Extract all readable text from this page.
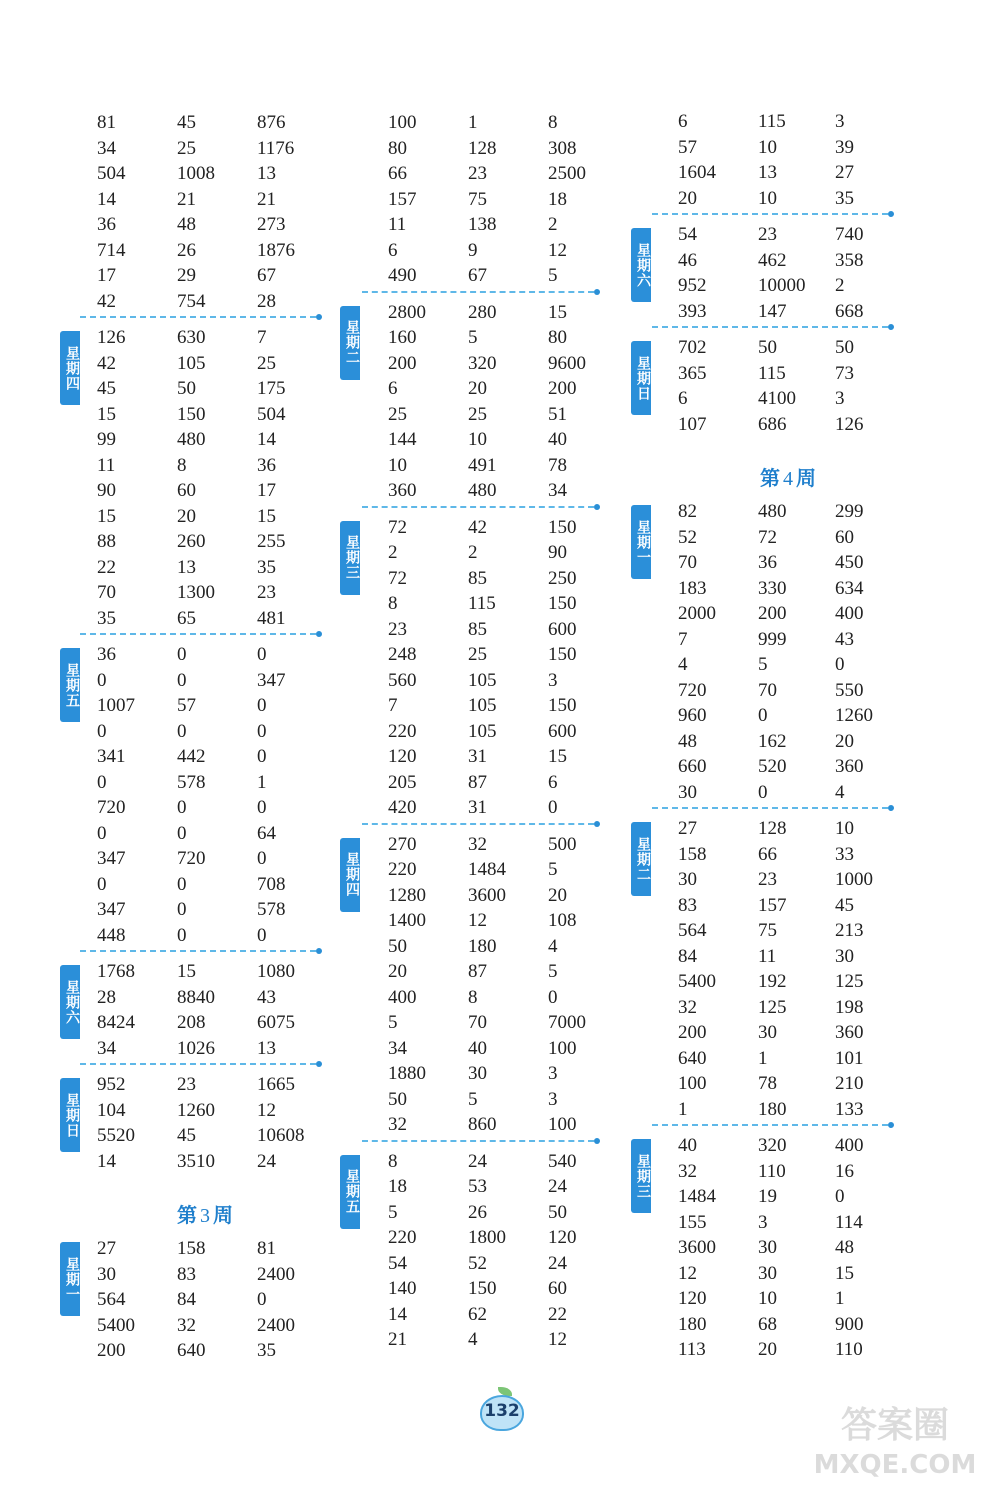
81	45	876
34	25	1176
504	1008 13
14	21	21
36	48	273
714	26	1876
17	29	67
42	754	28
126	630	7
42	105	25
45	50	175
15	150	504
99	480	14
11	8	36
90	60	17
15	20	15
88	260	255
22	13	35
70	1300 23
35	65	481
星期四
36	0	0
0	0	347
1007 57	0
0	0	0
341	442	0
0	578	1
720	0	0
0	0	64
347	720	0
0	0	708
347	0	578
448	0	0
星期五
1768 15	1080
28	8840 43
8424 208	6075
34	1026 13
星期六
952	23	1665
104	1260 12
5520 45	10608
14	3510 24
星期日
第 3 周
27	158	81
30	83	2400
564	84	0
5400 32	2400
200	640	35
星期一
100	1	8
80	128	308
66	23	2500
157	75	18
11	138	2
6	9	12
490	67	5
2800 280	15
160	5	80
200	320	9600
6	20	200
25	25	51
144	10	40
10	491	78
360	480	34
星期二
72	42	150
2	2	90
72	85	250
8	115	150
23	85	600
248	25	150
560	105	3
7	105	150
220	105	600
120	31	15
205	87	6
420	31	0
星期三
270	32	500
220	1484 5
1280 3600 20
1400 12	108
50	180	4
20	87	5
400	8	0
5	70	7000
34	40	100
1880 30	3
50	5	3
32	860	100
星期四
8	24	540
18	53	24
5	26	50
220	1800 120
54	52	24
140	150	60
14	62	22
21	4	12
星期五
6	115	3
57	10	39
1604 13	27
20	10	35
54	23	740
46	462	358
952	10000 2
393	147	668
星期六
702	50	50
365	115	73
6	4100 3
107	686	126
星期日
第 4 周
82	480	299
52	72	60
70	36	450
183	330	634
2000 200	400
7	999	43
4	5	0
720	70	550
960	0	1260
48	162	20
660	520	360
30	0	4
星期一
27	128	10
158	66	33
30	23	1000
83	157	45
564	75	213
84	11	30
5400 192	125
32	125	198
200	30	360
640	1	101
100	78	210
1	180	133
星期二
40	320	400
32	110	16
1484 19	0
155	3	114
3600 30	48
12	30	15
120	10	1
180	68	900
113	20	110
星期三
132	答案圈
MXQE.COM
